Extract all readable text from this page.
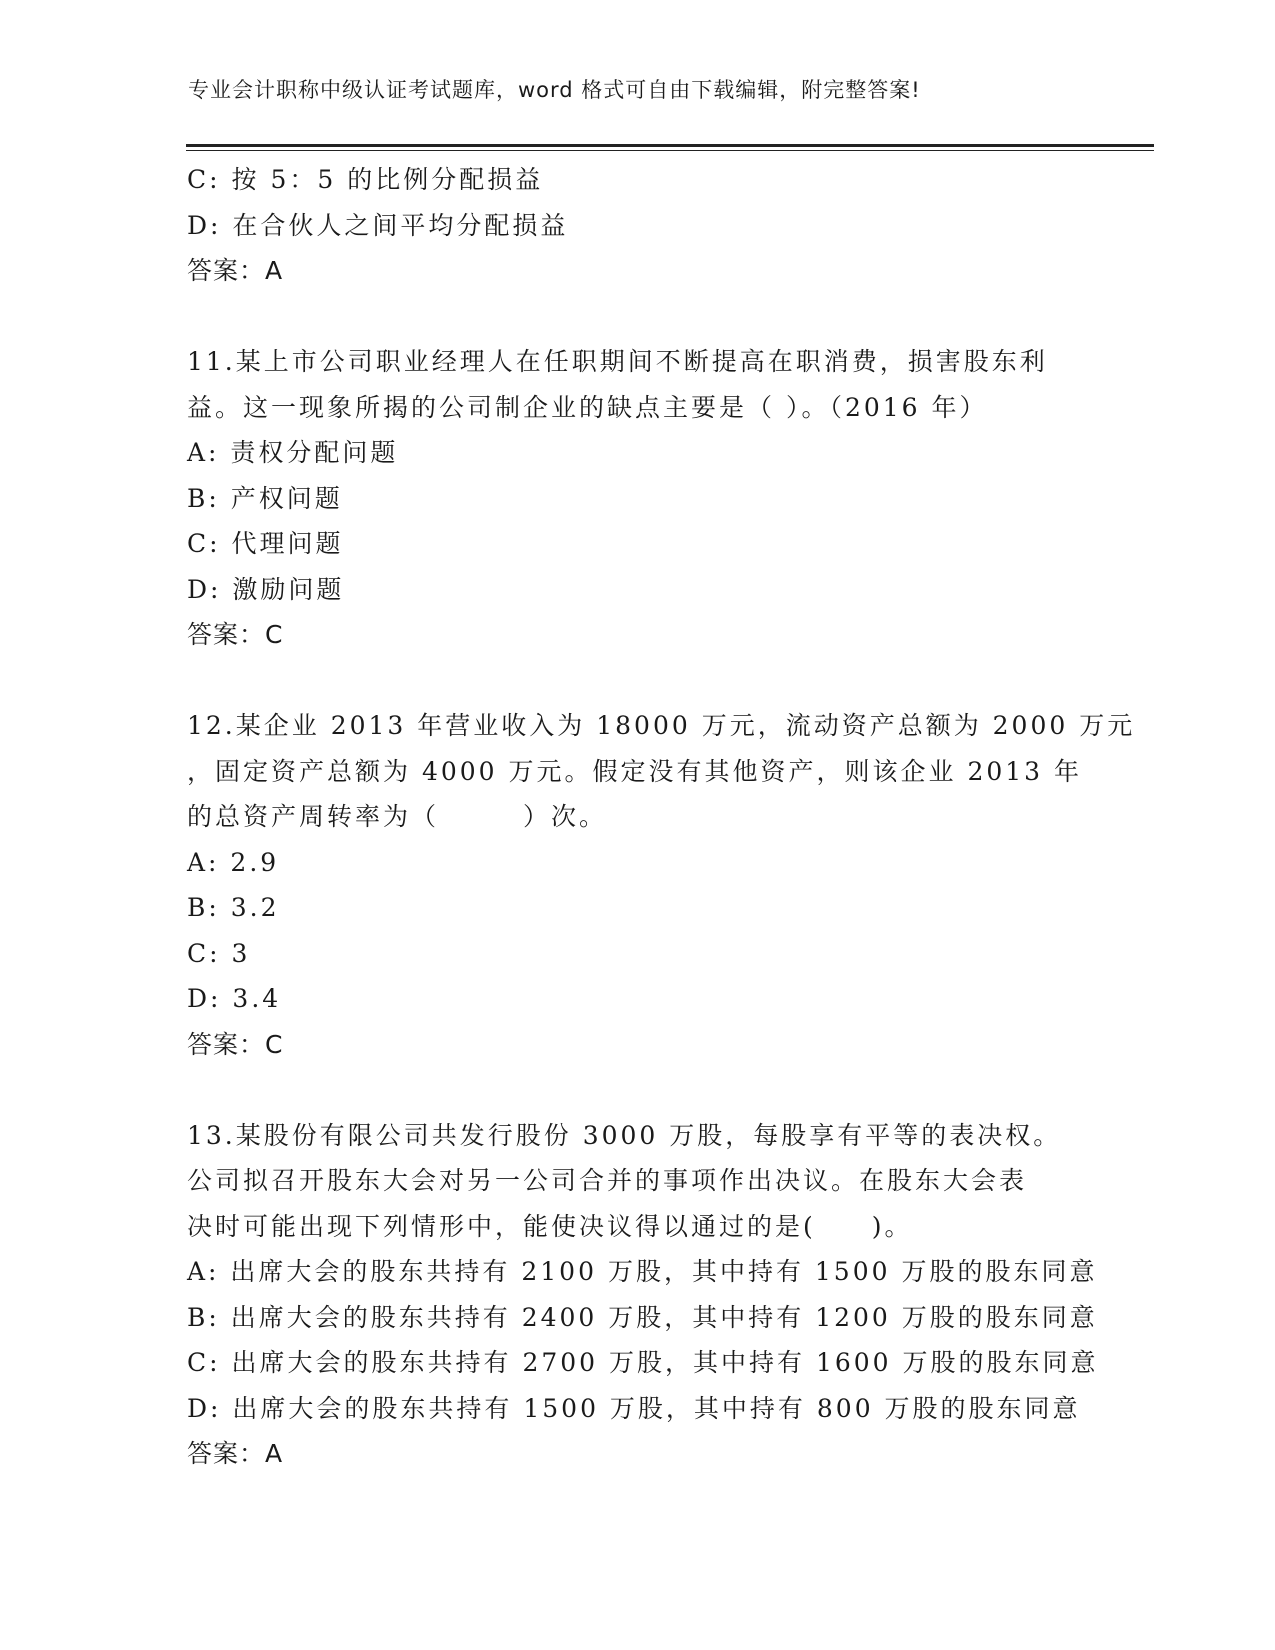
专业会计职称中级认证考试题库，word 格式可自由下载编辑，附完整答案!
C: 按 5：5 的比例分配损益
D: 在合伙人之间平均分配损益
答案：A
11.某上市公司职业经理人在任职期间不断提高在职消费，损害股东利
益。这一现象所揭的公司制企业的缺点主要是（ ）。（2016 年）
A: 责权分配问题
B: 产权问题
C: 代理问题
D: 激励问题
答案：C
12.某企业 2013 年营业收入为 18000 万元，流动资产总额为 2000 万元
，固定资产总额为 4000 万元。假定没有其他资产，则该企业 2013 年
的总资产周转率为（　　　）次。
A: 2.9
B: 3.2
C: 3
D: 3.4
答案：C
13.某股份有限公司共发行股份 3000 万股，每股享有平等的表决权。
公司拟召开股东大会对另一公司合并的事项作出决议。在股东大会表
决时可能出现下列情形中，能使决议得以通过的是(　　)。
A: 出席大会的股东共持有 2100 万股，其中持有 1500 万股的股东同意
B: 出席大会的股东共持有 2400 万股，其中持有 1200 万股的股东同意
C: 出席大会的股东共持有 2700 万股，其中持有 1600 万股的股东同意
D: 出席大会的股东共持有 1500 万股，其中持有 800 万股的股东同意
答案：A
